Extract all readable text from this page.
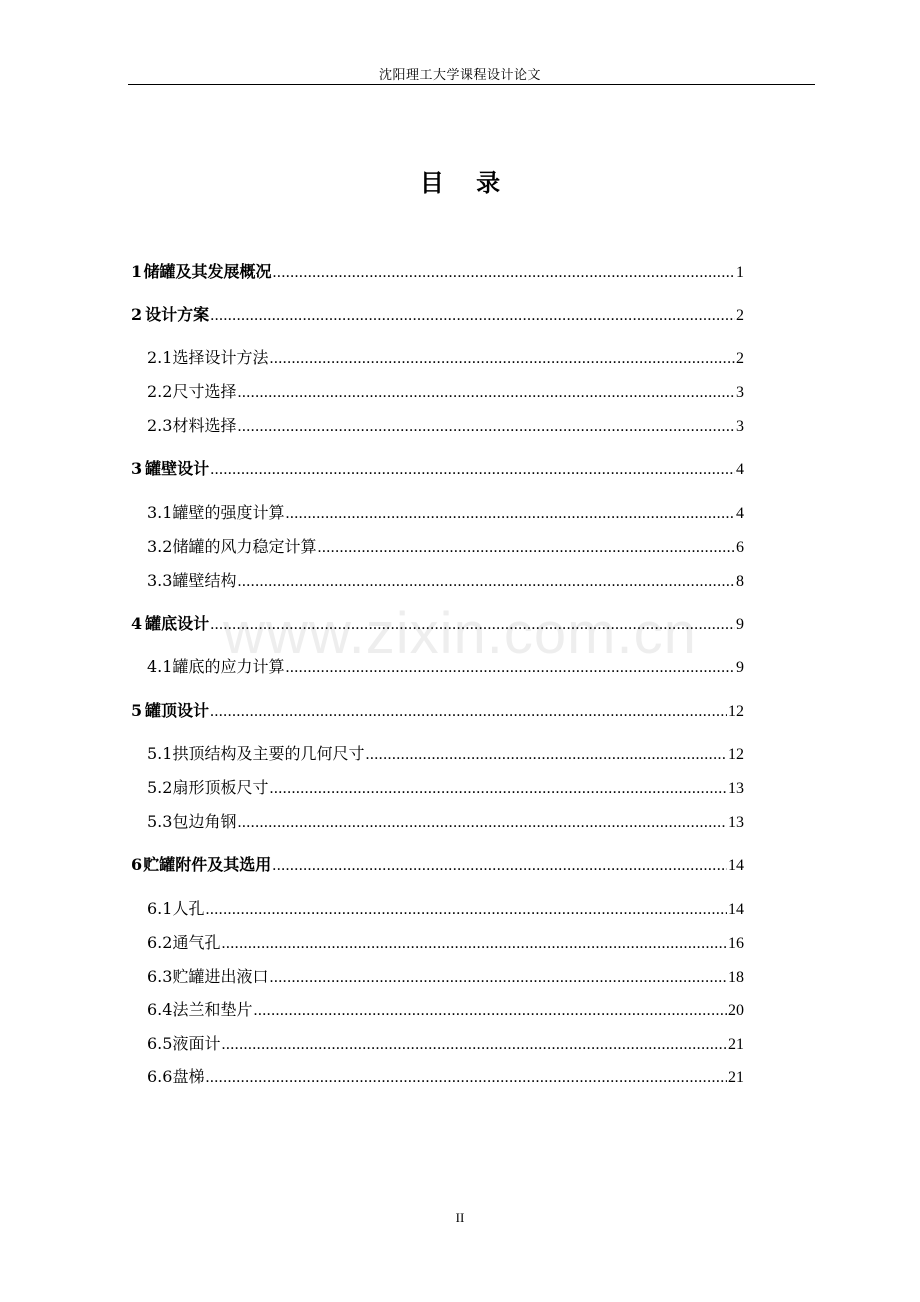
沈阳理工大学课程设计论文
目 录
www.zixin.com.cn
1 储罐及其发展概况 .....	1
2 设计方案 .....	2
2.1 选择设计方法 .....	2
2.2 尺寸选择 .....	3
2.3 材料选择 .....	3
3 罐壁设计 .....	4
3.1 罐壁的强度计算 .....	4
3.2 储罐的风力稳定计算 .....	6
3.3 罐壁结构 .....	8
4 罐底设计 .....	9
4.1 罐底的应力计算 .....	9
5 罐顶设计 .....	12
5.1 拱顶结构及主要的几何尺寸 .....	12
5.2 扇形顶板尺寸 .....	13
5.3 包边角钢 .....	13
6 贮罐附件及其选用 .....	14
6.1 人孔 .....	14
6.2 通气孔 .....	16
6.3 贮罐进出液口 .....	18
6.4 法兰和垫片 .....	20
6.5 液面计 .....	21
6.6 盘梯 .....	21
II
